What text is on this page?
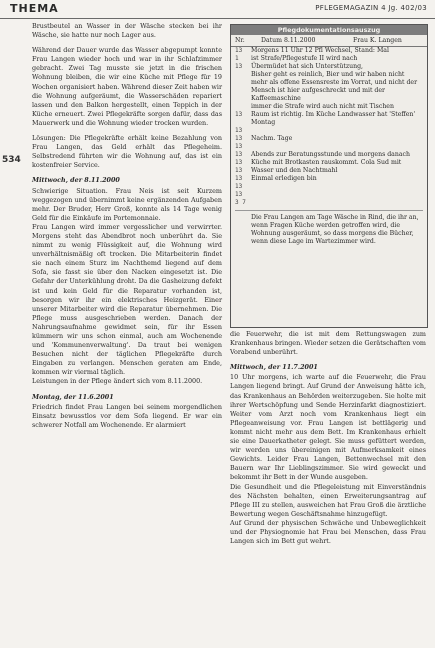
THEMA	PFLEGEMAGAZIN 4 Jg. 402/03
534

Brustbeutel an Wasser in der Wäsche stecken bei ihr Wäsche, sie hatte nur noch Lager aus.

Während der Dauer wurde das Wasser abgepumpt konnte Frau Langen wieder hoch und war in ihr Schlafzimmer gebracht. Zwei Tag musste sie jetzt in die frischen Wohnung bleiben, die wir eine Küche mit Pflege für 19 Wochen organisiert haben. Während dieser Zeit haben wir die Wohnung aufgeräumt, die Wasserschäden repariert lassen und den Balkon hergestellt, einen Teppich in der Küche erneuert. Zwei Pflegekräfte sorgen dafür, dass das Mauerwerk und die Wohnung wieder trocken wurden.

Lösungen: Die Pflegekräfte erhält keine Bezahlung von Frau Langen, das Geld erhält das Pflegeheim. Selbstredend führten wir die Wohnung auf, das ist ein kostenfreier Service.

Mittwoch, der 8.11.2000

Schwierige Situation. Frau Neis ist seit Kurzem weggezogen und übernimmt keine ergänzenden Aufgaben mehr. Der Bruder, Herr Groß, konnte als 14 Tage wenig Geld für die Einkäufe im Portemonnaie.

Frau Langen wird immer vergesslicher und verwirrter. Morgens steht das Abendbrot noch unberührt da. Sie nimmt zu wenig Flüssigkeit auf, die Wohnung wird unverhältnismäßig oft trocken. Die Mitarbeiterin findet sie nach einem Sturz im Nachthemd liegend auf dem Sofa, sie fasst sie über den Nacken eingesetzt ist. Die Gefahr der Unterkühlung droht. Da die Gasheizung defekt ist und kein Geld für die Reparatur vorhanden ist, besorgen wir ihr ein elektrisches Heizgerät. Einer unserer Mitarbeiter wird die Reparatur übernehmen. Die Pflege muss ausgeschrieben werden. Danach der Nahrungsaufnahme gewidmet sein, für ihr Essen kümmern wir uns schon einmal, auch am Wochenende und 'Kommunenverwaltung'. Da traut bei wenigen Besuchen nicht der täglichen Pflegekräfte durch Eingaben zu verlangen. Menschen geraten am Ende, kommen wir viermal täglich.

Leistungen in der Pflege ändert sich vom 8.11.2000.

Montag, der 11.6.2001

Friedrich findet Frau Langen bei seinem morgendlichen Einsatz bewusstlos vor dem Sofa liegend. Er war ein schwerer Notfall am Wochenende. Er alarmiert

Pflegdokumentationsauszug
Nr.	Datum 8.11.2000	Frau K. Langen
13	Morgens 11 Uhr 12 Pfl Wechsel, Stand: Mal
1	ist Strafe/Pflegestufe II wird nach
13	Übermüdet hat sich Unterstützung,
Bisher geht es reinlich, Bier und wir haben nicht
mehr als offene Essensreste im Vorrat, und nicht der
Mensch ist hier aufgeschreckt und mit der Kaffeemaschine
immer die Strafe wird auch nicht mit Tischen
13	Raum ist richtig. Im Küche Landwasser hat 'Steffen'
Montag
13
13	Nachm. Tage
13
13	Abends zur Beratungsstunde und morgens danach
13	Küche mit Brotkasten rauskommt. Cola Sud mit
13	Wasser und den Nachtmahl
13	Einmal erledigen bin
13
13
3 7
Die Frau Langen am Tage Wäsche in Rind, die ihr an, wenn Fragen Küche werden getroffen wird, die Wohnung ausgeräumt, so dass morgens die Bücher, wenn diese Lage im Wartezimmer wird.

die Feuerwehr, die ist mit dem Rettungswagen zum Krankenhaus bringen. Wieder setzen die Gerätschaften vom Vorabend unberührt.

Mittwoch, der 11.7.2001

10 Uhr morgens, ich warte auf die Feuerwehr, die Frau Langen liegend bringt. Auf Grund der Anweisung hätte ich, das Krankenhaus an Behörden weiterzugeben. Sie holte mit ihrer Wertschöpfung und Sende Herzinfarkt diagnostiziert. Weiter vom Arzt noch vom Krankenhaus liegt ein Pflegeanweisung vor. Frau Langen ist bettlägerig und kommt nicht mehr aus dem Bett. Im Krankenhaus erhielt sie eine Dauerkatheter gelegt. Sie muss gefüttert werden, wir werden uns übereinigen mit Aufmerksamkeit eines Gewichts. Leider Frau Langen, Bettenwechsel mit den Bauern war Ihr Lieblingszimmer. Sie wird geweckt und bekommt ihr Bett in der Wunde ausgeben.

Die Gesundheit und die Pflegeleistung mit Einverständnis des Nächsten behalten, einen Erweiterungsantrag auf Pflege III zu stellen, ausweichen hat Frau Groß die ärztliche Bewertung wegen Geschäftsnahme hinzugefügt.

Auf Grund der physischen Schwäche und Unbeweglichkeit und der Physiognomie hat Frau bei Menschen, dass Frau Langen sich im Bett gut wehrt.
